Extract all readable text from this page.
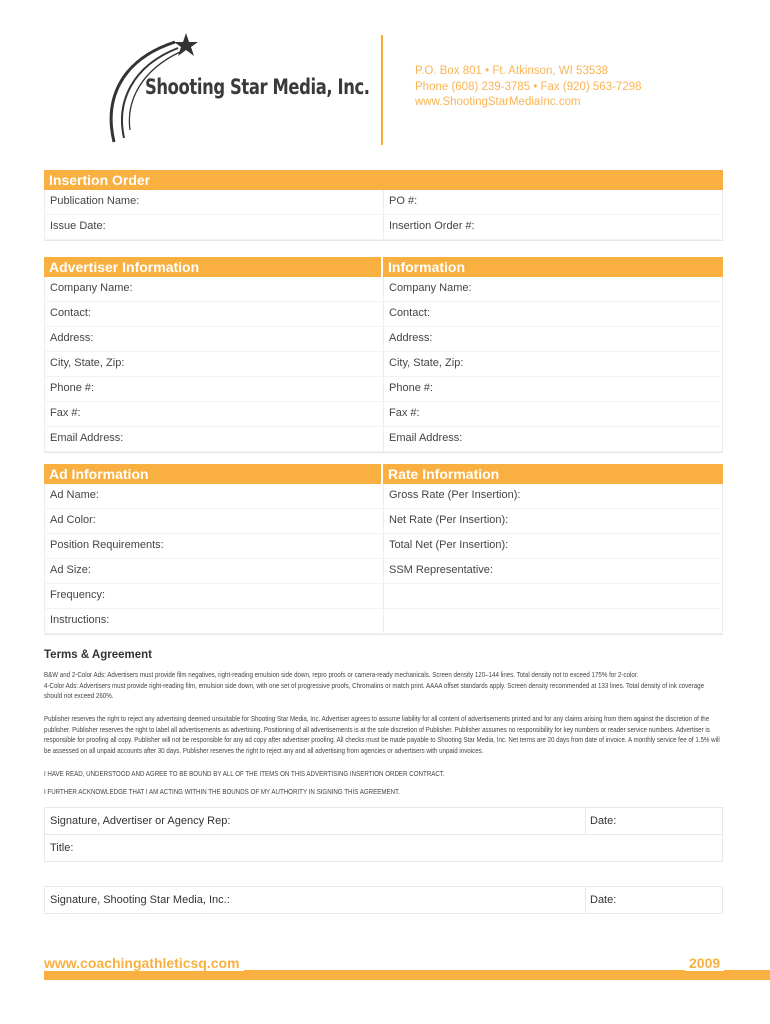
Shooting Star Media, Inc.
P.O. Box 801 • Ft. Atkinson, WI 53538
Phone (608) 239-3785 • Fax (920) 563-7298
www.ShootingStarMediaInc.com
Insertion Order
Publication Name:	PO #:
Issue Date:	Insertion Order #:
Advertiser Information	Information
Company Name:	Company Name:
Contact:	Contact:
Address:	Address:
City, State, Zip:	City, State, Zip:
Phone #:	Phone #:
Fax #:	Fax #:
Email Address:	Email Address:
Ad Information	Rate Information
Ad Name:	Gross Rate (Per Insertion):
Ad Color:	Net Rate (Per Insertion):
Position Requirements:	Total Net (Per Insertion):
Ad Size:	SSM Representative:
Frequency:
Instructions:
Terms & Agreement

B&W and 2-Color Ads: Advertisers must provide film negatives, right-reading emulsion side down, repro proofs or camera-ready mechanicals. Screen density 120–144 lines. Total density not to exceed 175% for 2-color.

4-Color Ads: Advertisers must provide right-reading film, emulsion side down, with one set of progressive proofs, Chromalins or match print. AAAA offset standards apply. Screen density recommended at 133 lines. Total density of ink coverage should not exceed 260%.

Publisher reserves the right to reject any advertising deemed unsuitable for Shooting Star Media, Inc. Advertiser agrees to assume liability for all content of advertisements printed and for any claims arising from them against the discretion of the publisher. Publisher reserves the right to label all advertisements as advertising. Positioning of all advertisements is at the sole discretion of Publisher. Publisher assumes no responsibility for key numbers or reader service numbers. Advertiser is responsible for proofing all copy. Publisher will not be responsible for any ad copy after advertiser proofing. All checks must be made payable to Shooting Star Media, Inc. Net terms are 20 days from date of invoice. A monthly service fee of 1.5% will be assessed on all unpaid accounts after 30 days. Publisher reserves the right to reject any and all advertising from agencies or advertisers with unpaid invoices.

I HAVE READ, UNDERSTOOD AND AGREE TO BE BOUND BY ALL OF THE ITEMS ON THIS ADVERTISING INSERTION ORDER CONTRACT.

I FURTHER ACKNOWLEDGE THAT I AM ACTING WITHIN THE BOUNDS OF MY AUTHORITY IN SIGNING THIS AGREEMENT.

Signature, Advertiser or Agency Rep:	Date:
Title:
Signature, Shooting Star Media, Inc.:	Date:
www.coachingathleticsq.com	2009
